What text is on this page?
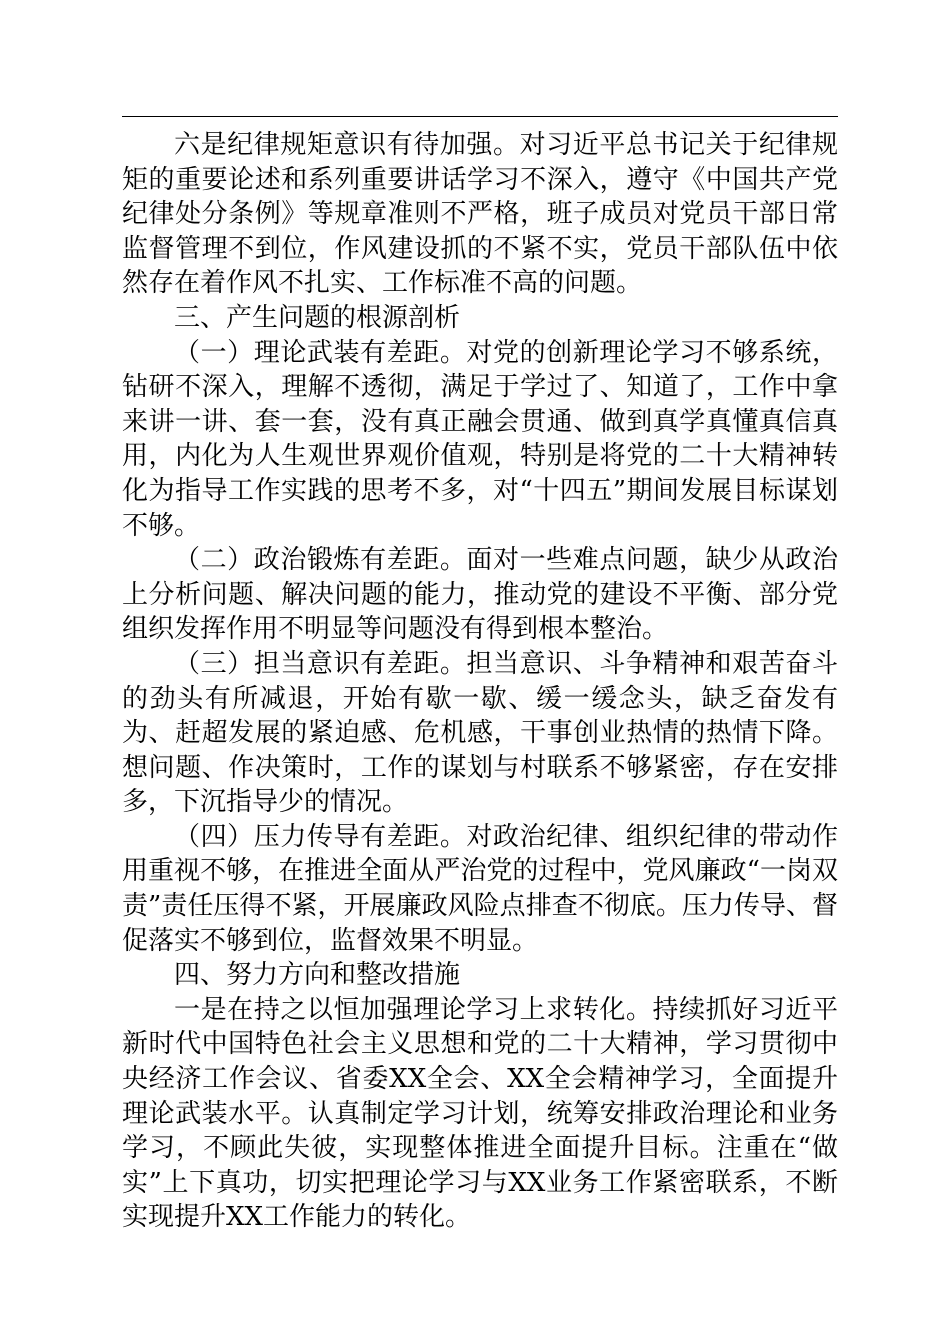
六是纪律规矩意识有待加强。对习近平总书记关于纪律规矩的重要论述和系列重要讲话学习不深入，遵守《中国共产党纪律处分条例》等规章准则不严格，班子成员对党员干部日常监督管理不到位，作风建设抓的不紧不实，党员干部队伍中依然存在着作风不扎实、工作标准不高的问题。

三、产生问题的根源剖析

（一）理论武装有差距。对党的创新理论学习不够系统，钻研不深入，理解不透彻，满足于学过了、知道了，工作中拿来讲一讲、套一套，没有真正融会贯通、做到真学真懂真信真用，内化为人生观世界观价值观，特别是将党的二十大精神转化为指导工作实践的思考不多，对“十四五”期间发展目标谋划不够。

（二）政治锻炼有差距。面对一些难点问题，缺少从政治上分析问题、解决问题的能力，推动党的建设不平衡、部分党组织发挥作用不明显等问题没有得到根本整治。

（三）担当意识有差距。担当意识、斗争精神和艰苦奋斗的劲头有所减退，开始有歇一歇、缓一缓念头，缺乏奋发有为、赶超发展的紧迫感、危机感，干事创业热情的热情下降。想问题、作决策时，工作的谋划与村联系不够紧密，存在安排多，下沉指导少的情况。

（四）压力传导有差距。对政治纪律、组织纪律的带动作用重视不够，在推进全面从严治党的过程中，党风廉政“一岗双责”责任压得不紧，开展廉政风险点排查不彻底。压力传导、督促落实不够到位，监督效果不明显。

四、努力方向和整改措施

一是在持之以恒加强理论学习上求转化。持续抓好习近平新时代中国特色社会主义思想和党的二十大精神，学习贯彻中央经济工作会议、省委XX全会、XX全会精神学习，全面提升理论武装水平。认真制定学习计划，统筹安排政治理论和业务学习，不顾此失彼，实现整体推进全面提升目标。注重在“做实”上下真功，切实把理论学习与XX业务工作紧密联系，不断实现提升XX工作能力的转化。
